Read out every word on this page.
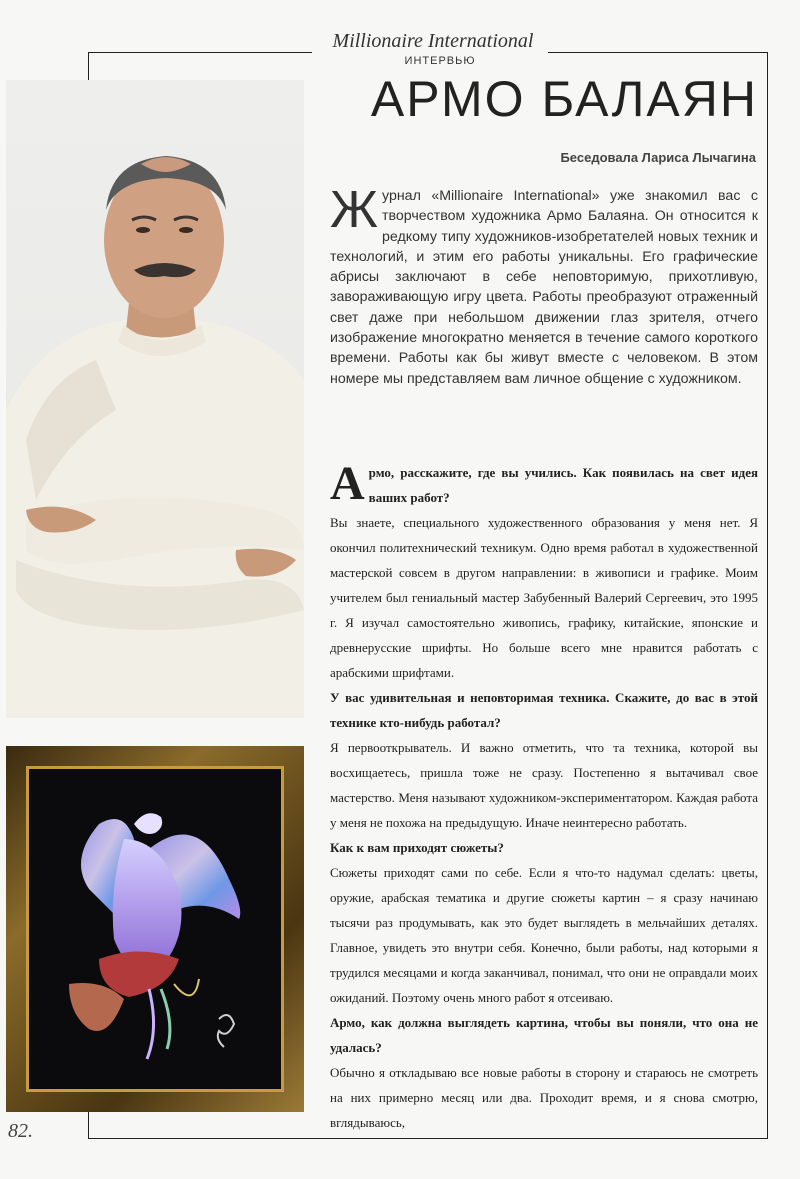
Millionaire International
ИНТЕРВЬЮ
АРМО БАЛАЯН
Беседовала Лариса Лычагина
Журнал «Millionaire International» уже знакомил вас с творчеством художника Армо Балаяна. Он относится к редкому типу художников-изобретателей новых техник и технологий, и этим его работы уникальны. Его графические абрисы заключают в себе неповторимую, прихотливую, завораживающую игру цвета. Работы преобразуют отраженный свет даже при небольшом движении глаз зрителя, отчего изображение многократно меняется в течение самого короткого времени. Работы как бы живут вместе с человеком. В этом номере мы представляем вам личное общение с художником.

Армо, расскажите, где вы учились. Как появилась на свет идея ваших работ?

Вы знаете, специального художественного образования у меня нет. Я окончил политехнический техникум. Одно время работал в художественной мастерской совсем в другом направлении: в живописи и графике. Моим учителем был гениальный мастер Забубенный Валерий Сергеевич, это 1995 г. Я изучал самостоятельно живопись, графику, китайские, японские и древнерусские шрифты. Но больше всего мне нравится работать с арабскими шрифтами.

У вас удивительная и неповторимая техника. Скажите, до вас в этой технике кто-нибудь работал?

Я первооткрыватель. И важно отметить, что та техника, которой вы восхищаетесь, пришла тоже не сразу. Постепенно я вытачивал свое мастерство. Меня называют художником-экспериментатором. Каждая работа у меня не похожа на предыдущую. Иначе неинтересно работать.

Как к вам приходят сюжеты?

Сюжеты приходят сами по себе. Если я что-то надумал сделать: цветы, оружие, арабская тематика и другие сюжеты картин – я сразу начинаю тысячи раз продумывать, как это будет выглядеть в мельчайших деталях. Главное, увидеть это внутри себя. Конечно, были работы, над которыми я трудился месяцами и когда заканчивал, понимал, что они не оправдали моих ожиданий. Поэтому очень много работ я отсеиваю.

Армо, как должна выглядеть картина, чтобы вы поняли, что она не удалась?

Обычно я откладываю все новые работы в сторону и стараюсь не смотреть на них примерно месяц или два. Проходит время, и я снова смотрю, вглядываюсь,

82.
